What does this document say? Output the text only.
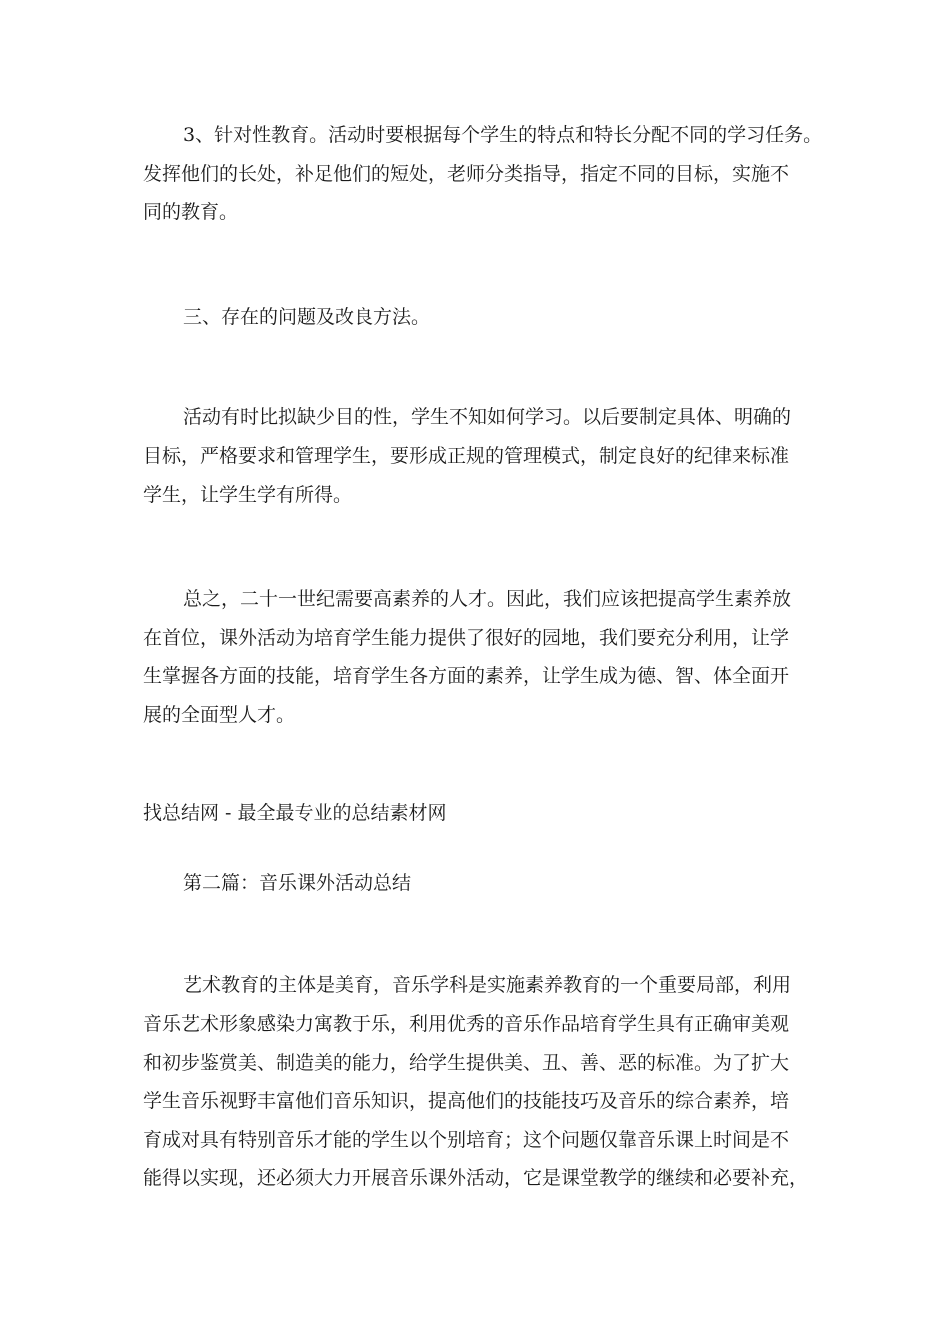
3、针对性教育。活动时要根据每个学生的特点和特长分配不同的学习任务。

发挥他们的长处，补足他们的短处，老师分类指导，指定不同的目标，实施不

同的教育。

三、存在的问题及改良方法。

活动有时比拟缺少目的性，学生不知如何学习。以后要制定具体、明确的

目标，严格要求和管理学生，要形成正规的管理模式，制定良好的纪律来标准

学生，让学生学有所得。

总之，二十一世纪需要高素养的人才。因此，我们应该把提高学生素养放

在首位，课外活动为培育学生能力提供了很好的园地，我们要充分利用，让学

生掌握各方面的技能，培育学生各方面的素养，让学生成为德、智、体全面开

展的全面型人才。

找总结网 - 最全最专业的总结素材网

第二篇：音乐课外活动总结

艺术教育的主体是美育，音乐学科是实施素养教育的一个重要局部，利用

音乐艺术形象感染力寓教于乐，利用优秀的音乐作品培育学生具有正确审美观

和初步鉴赏美、制造美的能力，给学生提供美、丑、善、恶的标准。为了扩大

学生音乐视野丰富他们音乐知识，提高他们的技能技巧及音乐的综合素养，培

育成对具有特别音乐才能的学生以个别培育；这个问题仅靠音乐课上时间是不

能得以实现，还必须大力开展音乐课外活动，它是课堂教学的继续和必要补充，
